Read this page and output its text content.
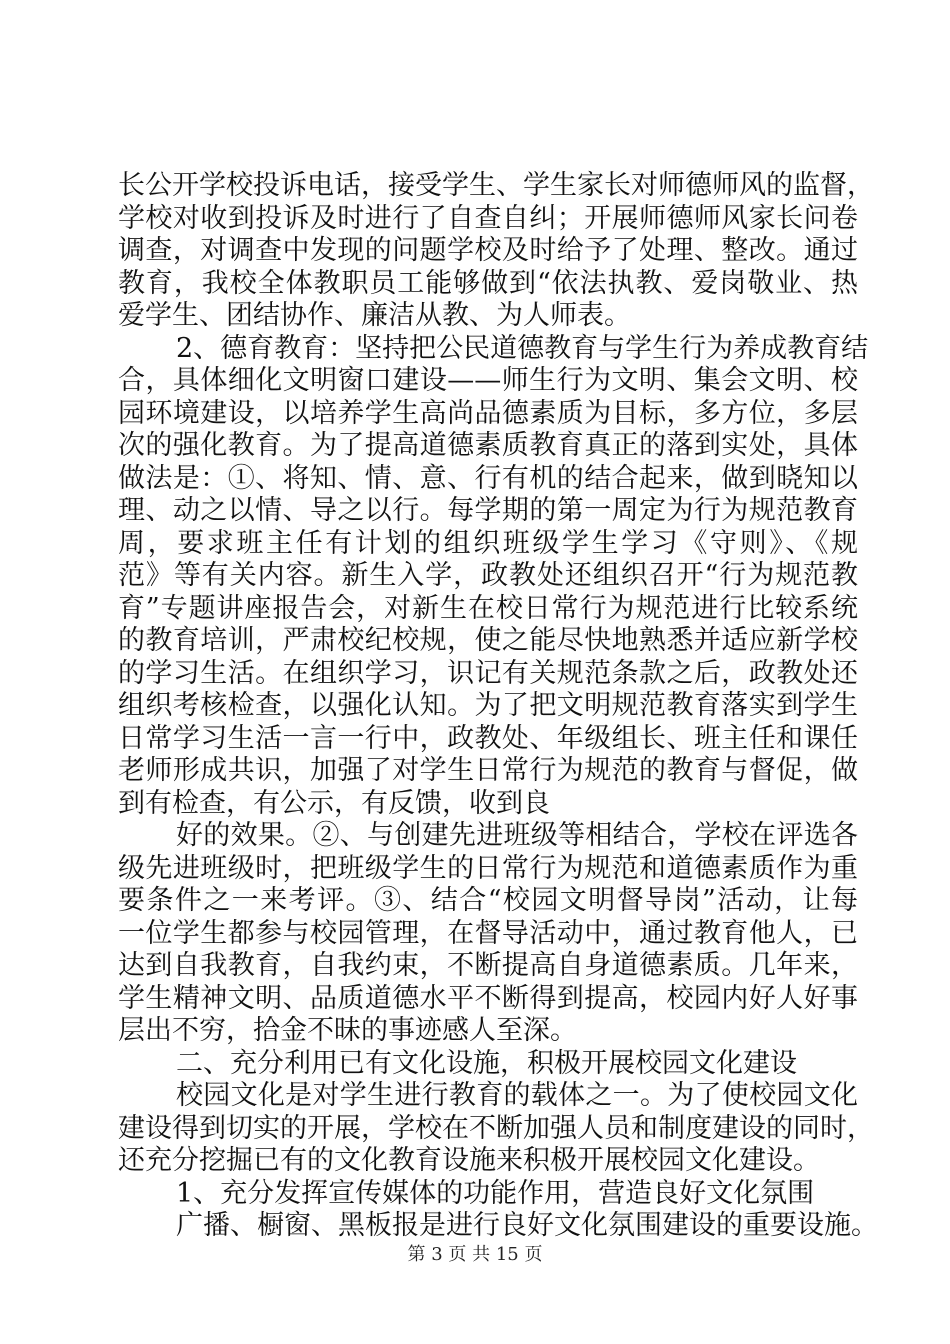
长公开学校投诉电话，接受学生、学生家长对师德师风的监督，
学校对收到投诉及时进行了自查自纠；开展师德师风家长问卷
调查，对调查中发现的问题学校及时给予了处理、整改。通过
教育，我校全体教职员工能够做到“依法执教、爱岗敬业、热
爱学生、团结协作、廉洁从教、为人师表。
2、德育教育：坚持把公民道德教育与学生行为养成教育结
合，具体细化文明窗口建设——师生行为文明、集会文明、校
园环境建设，以培养学生高尚品德素质为目标，多方位，多层
次的强化教育。为了提高道德素质教育真正的落到实处，具体
做法是：①、将知、情、意、行有机的结合起来，做到晓知以
理、动之以情、导之以行。每学期的第一周定为行为规范教育
周，要求班主任有计划的组织班级学生学习《守则》、《规
范》等有关内容。新生入学，政教处还组织召开“行为规范教
育”专题讲座报告会，对新生在校日常行为规范进行比较系统
的教育培训，严肃校纪校规，使之能尽快地熟悉并适应新学校
的学习生活。在组织学习，识记有关规范条款之后，政教处还
组织考核检查，以强化认知。为了把文明规范教育落实到学生
日常学习生活一言一行中，政教处、年级组长、班主任和课任
老师形成共识，加强了对学生日常行为规范的教育与督促，做
到有检查，有公示，有反馈，收到良
好的效果。②、与创建先进班级等相结合，学校在评选各
级先进班级时，把班级学生的日常行为规范和道德素质作为重
要条件之一来考评。③、结合“校园文明督导岗”活动，让每
一位学生都参与校园管理，在督导活动中，通过教育他人，已
达到自我教育，自我约束，不断提高自身道德素质。几年来，
学生精神文明、品质道德水平不断得到提高，校园内好人好事
层出不穷，拾金不昧的事迹感人至深。
二、充分利用已有文化设施，积极开展校园文化建设
校园文化是对学生进行教育的载体之一。为了使校园文化
建设得到切实的开展，学校在不断加强人员和制度建设的同时，
还充分挖掘已有的文化教育设施来积极开展校园文化建设。
1、充分发挥宣传媒体的功能作用，营造良好文化氛围
广播、橱窗、黑板报是进行良好文化氛围建设的重要设施。
第 3 页 共 15 页
